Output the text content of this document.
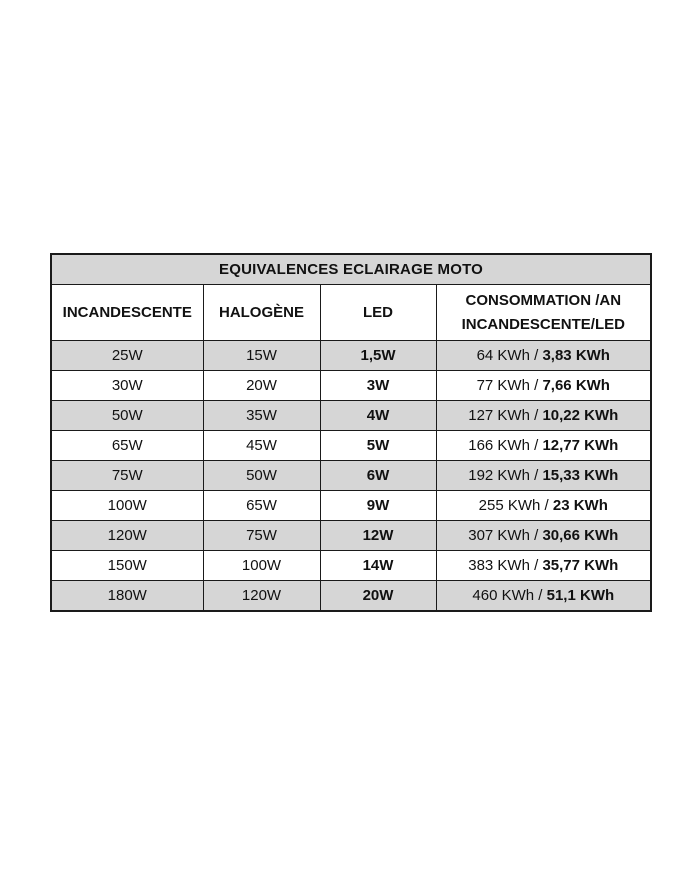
EQUIVALENCES ECLAIRAGE MOTO			
INCANDESCENTE	HALOGÈNE	LED	CONSOMMATION /AN
INCANDESCENTE/LED

25W	15W	1,5W	64 KWh / 3,83 KWh
30W	20W	3W	77 KWh / 7,66 KWh
50W	35W	4W	127 KWh / 10,22 KWh
65W	45W	5W	166 KWh / 12,77 KWh
75W	50W	6W	192 KWh / 15,33 KWh
100W	65W	9W	255 KWh / 23 KWh
120W	75W	12W	307 KWh / 30,66 KWh
150W	100W	14W	383 KWh / 35,77 KWh
180W	120W	20W	460 KWh / 51,1 KWh
